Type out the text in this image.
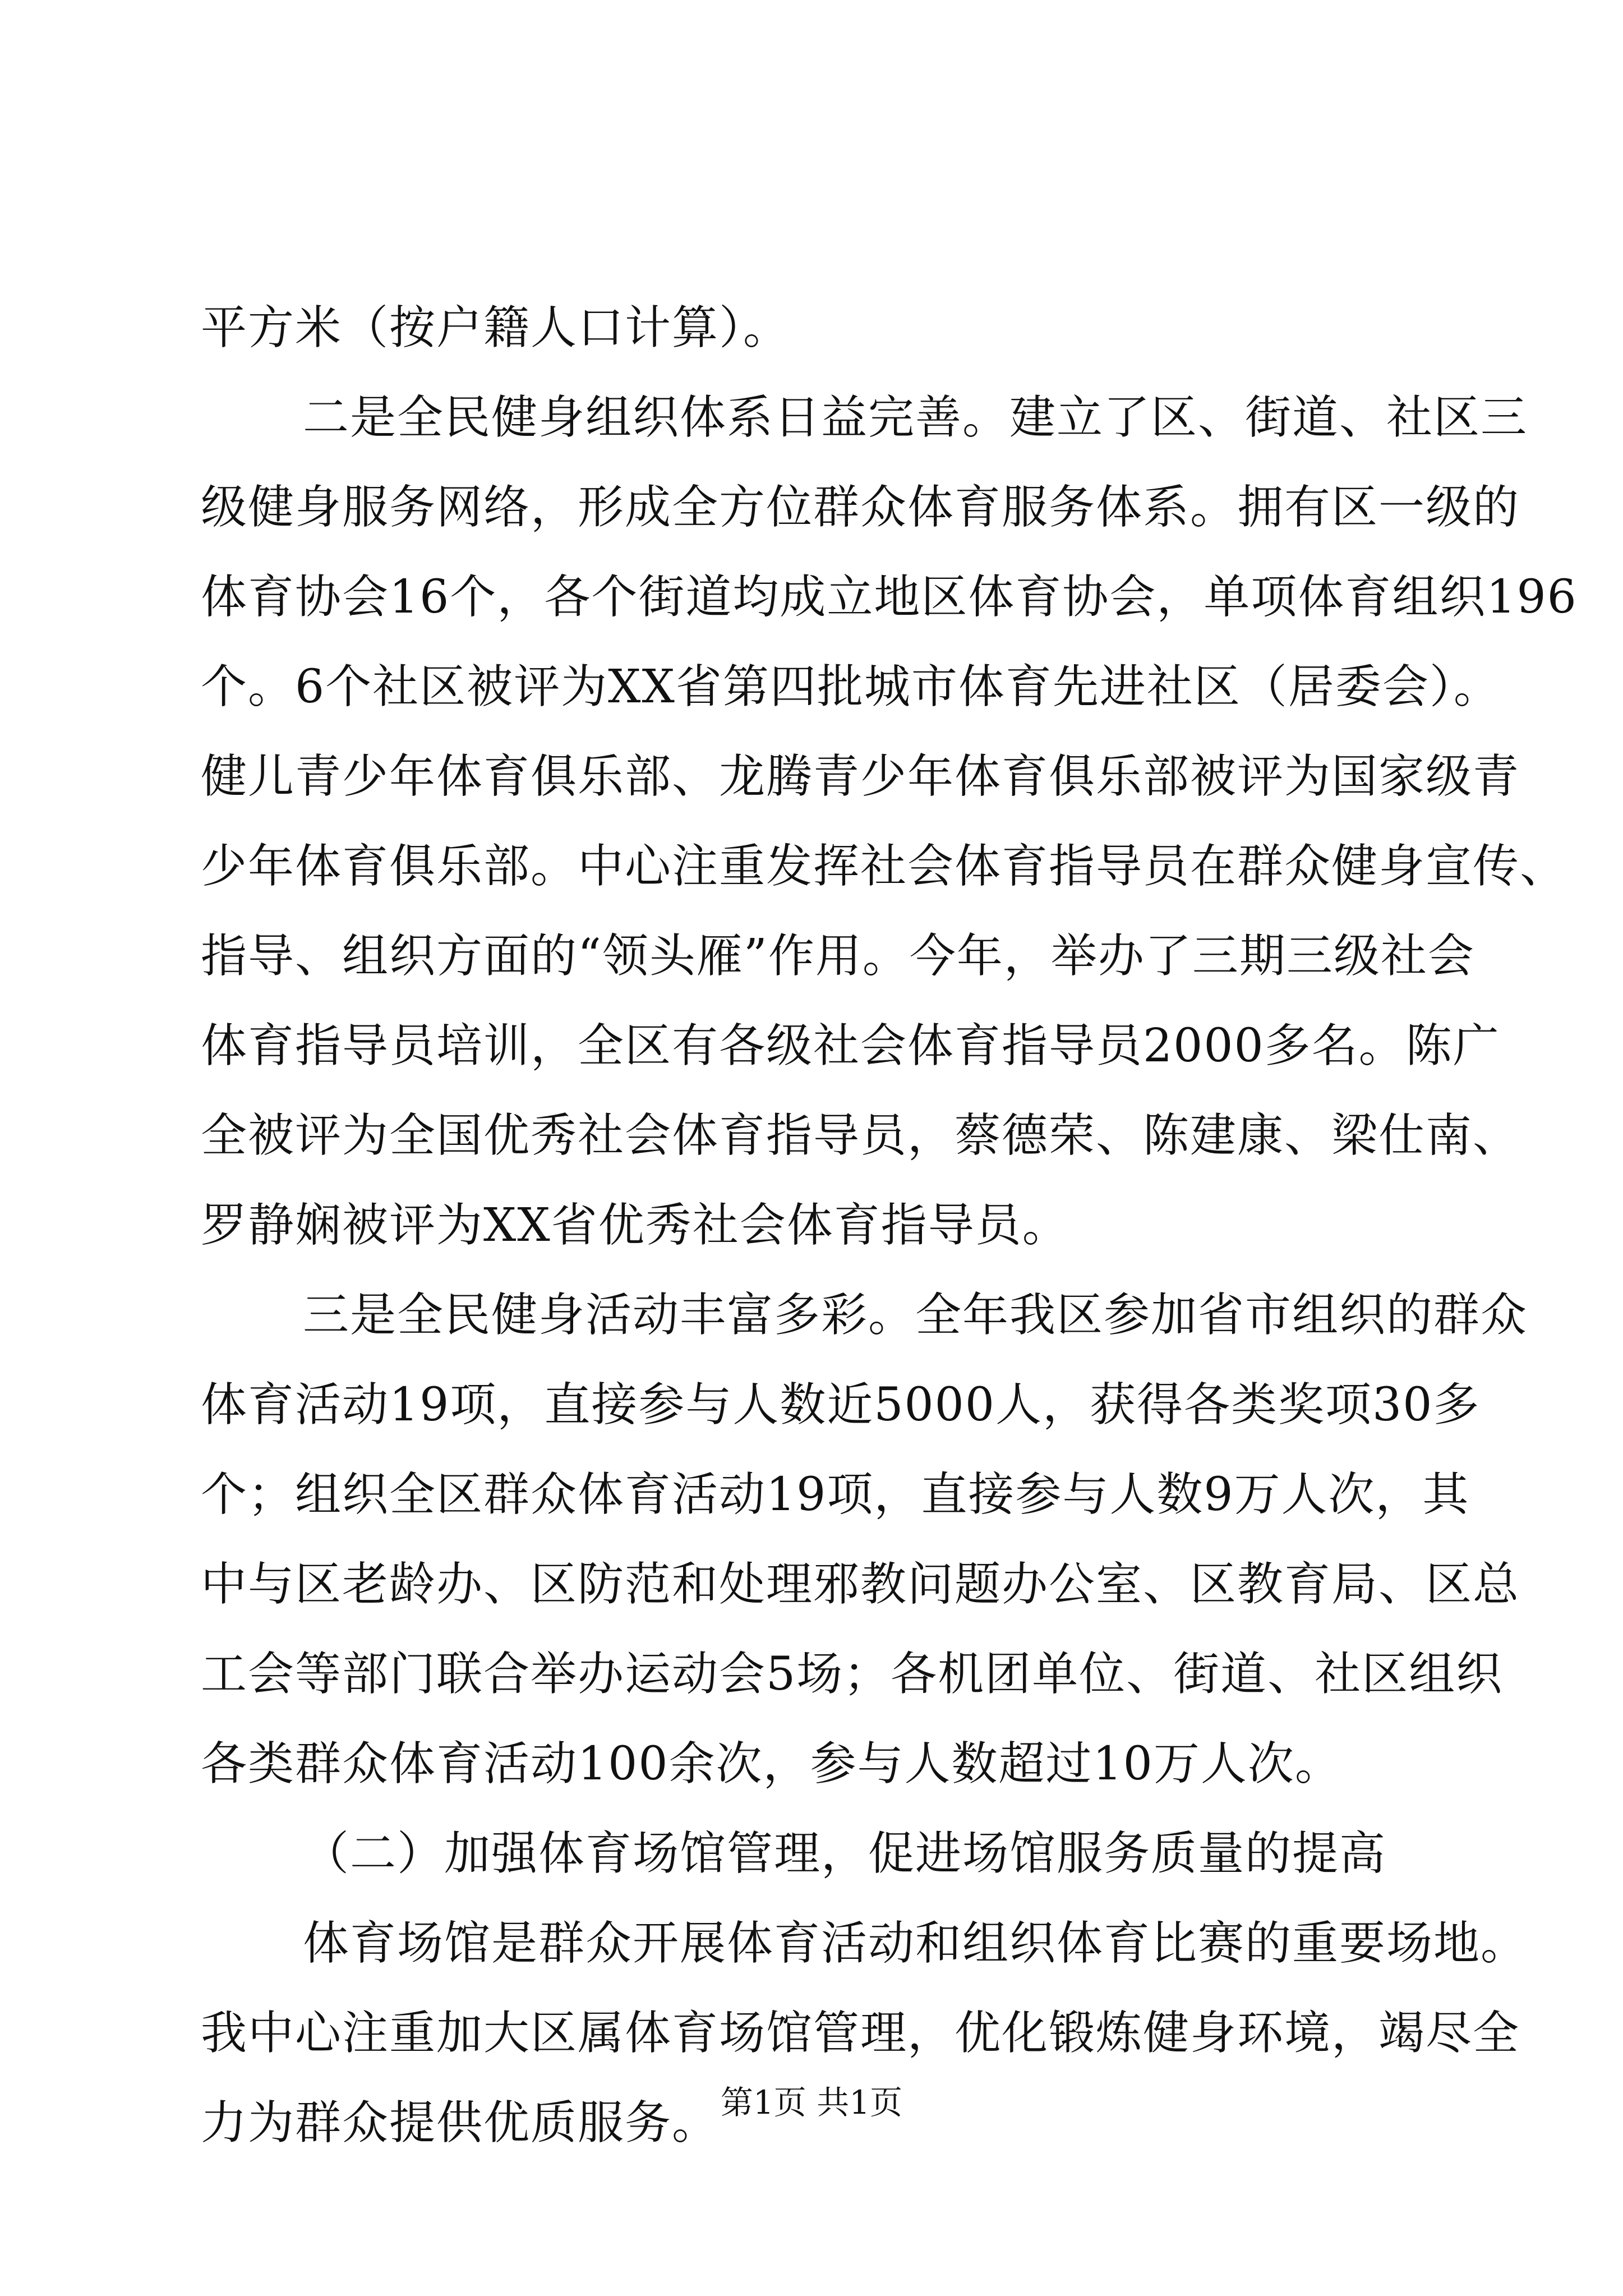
平方米（按户籍人口计算）。
二是全民健身组织体系日益完善。建立了区、街道、社区三
级健身服务网络，形成全方位群众体育服务体系。拥有区一级的
体育协会16个，各个街道均成立地区体育协会，单项体育组织196
个。6个社区被评为XX省第四批城市体育先进社区（居委会）。
健儿青少年体育俱乐部、龙腾青少年体育俱乐部被评为国家级青
少年体育俱乐部。中心注重发挥社会体育指导员在群众健身宣传、
指导、组织方面的“领头雁”作用。今年，举办了三期三级社会
体育指导员培训，全区有各级社会体育指导员2000多名。陈广
全被评为全国优秀社会体育指导员，蔡德荣、陈建康、梁仕南、
罗静娴被评为XX省优秀社会体育指导员。
三是全民健身活动丰富多彩。全年我区参加省市组织的群众
体育活动19项，直接参与人数近5000人，获得各类奖项30多
个；组织全区群众体育活动19项，直接参与人数9万人次，其
中与区老龄办、区防范和处理邪教问题办公室、区教育局、区总
工会等部门联合举办运动会5场；各机团单位、街道、社区组织
各类群众体育活动100余次，参与人数超过10万人次。
（二）加强体育场馆管理，促进场馆服务质量的提高
体育场馆是群众开展体育活动和组织体育比赛的重要场地。
我中心注重加大区属体育场馆管理，优化锻炼健身环境，竭尽全
力为群众提供优质服务。 第1页 共1页
